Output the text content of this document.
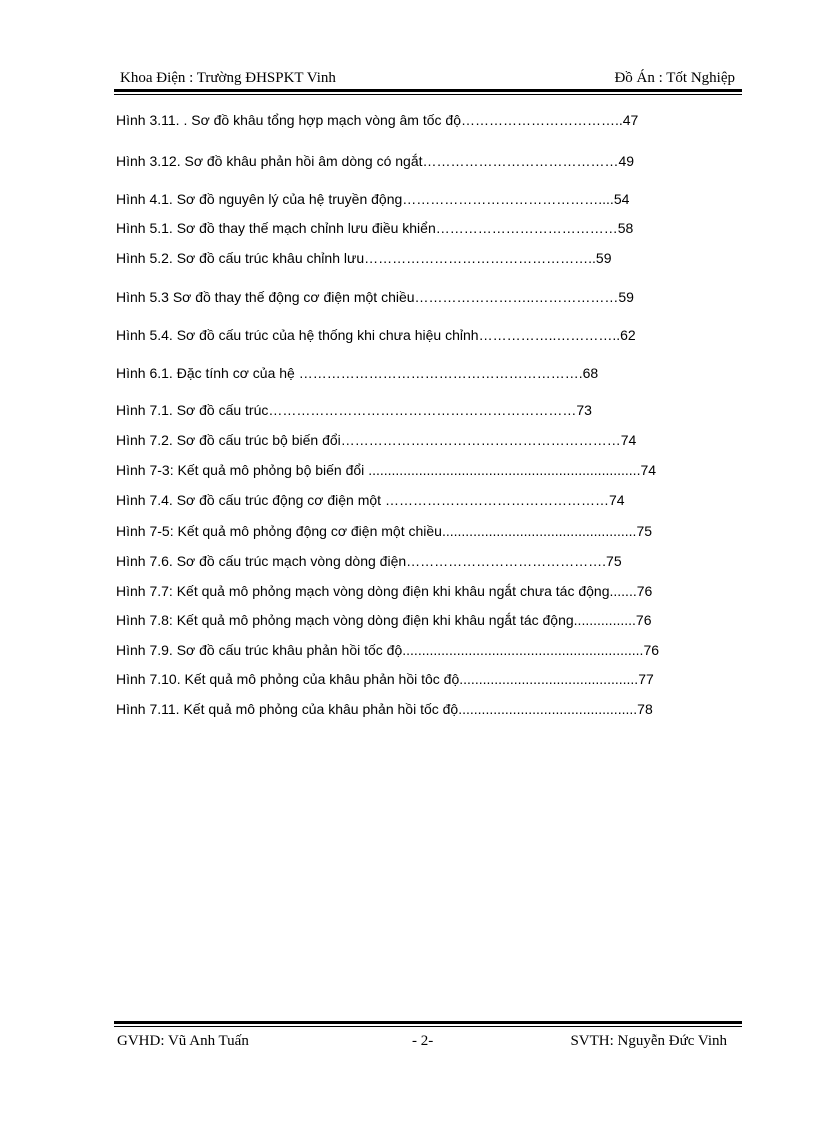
Khoa Điện : Trường ĐHSPKT Vinh	Đồ Án : Tốt Nghiệp
Hình 3.11. . Sơ đồ khâu tổng hợp mạch vòng âm tốc độ……………………………..47
Hình 3.12. Sơ đồ khâu phản hồi âm dòng có ngắt……………………………………49
Hình 4.1. Sơ đồ nguyên lý của hệ truyền động……………………………………....54
Hình 5.1. Sơ đồ thay thế mạch chỉnh lưu điều khiển…………………………………58
Hình 5.2. Sơ đồ cấu trúc khâu chỉnh lưu…………………………………………..59
Hình 5.3 Sơ đồ thay thế động cơ điện một chiều……………………..………………59
Hình 5.4. Sơ đồ cấu trúc của hệ thống khi chưa hiệu chỉnh……………..…………..62
Hình 6.1. Đặc tính cơ của hệ …………………………………………………….68
Hình 7.1. Sơ đồ cấu trúc…………………………………………………………73
Hình 7.2. Sơ đồ cấu trúc bộ biến đổi……………………………………………………74
Hình 7-3: Kết quả mô phỏng bộ biến đổi ......................................................................74
Hình 7.4. Sơ đồ cấu trúc động cơ điện một …………………………………………74
Hình 7-5: Kết quả mô phỏng động cơ điện một chiều..................................................75
Hình 7.6. Sơ đồ cấu trúc mạch vòng dòng điện…………………………………….75
Hình 7.7: Kết quả mô phỏng mạch vòng dòng điện khi khâu ngắt chưa tác động.......76
Hình 7.8: Kết quả mô phỏng mạch vòng dòng điện khi khâu ngắt tác động................76
Hình 7.9. Sơ đồ cấu trúc khâu phản hồi tốc độ..............................................................76
Hình 7.10. Kết quả mô phỏng của khâu phản hồi tôc độ..............................................77
Hình 7.11. Kết quả mô phỏng của khâu phản hồi tốc độ..............................................78
GVHD: Vũ Anh Tuấn	- 2-	SVTH: Nguyễn Đức Vinh
